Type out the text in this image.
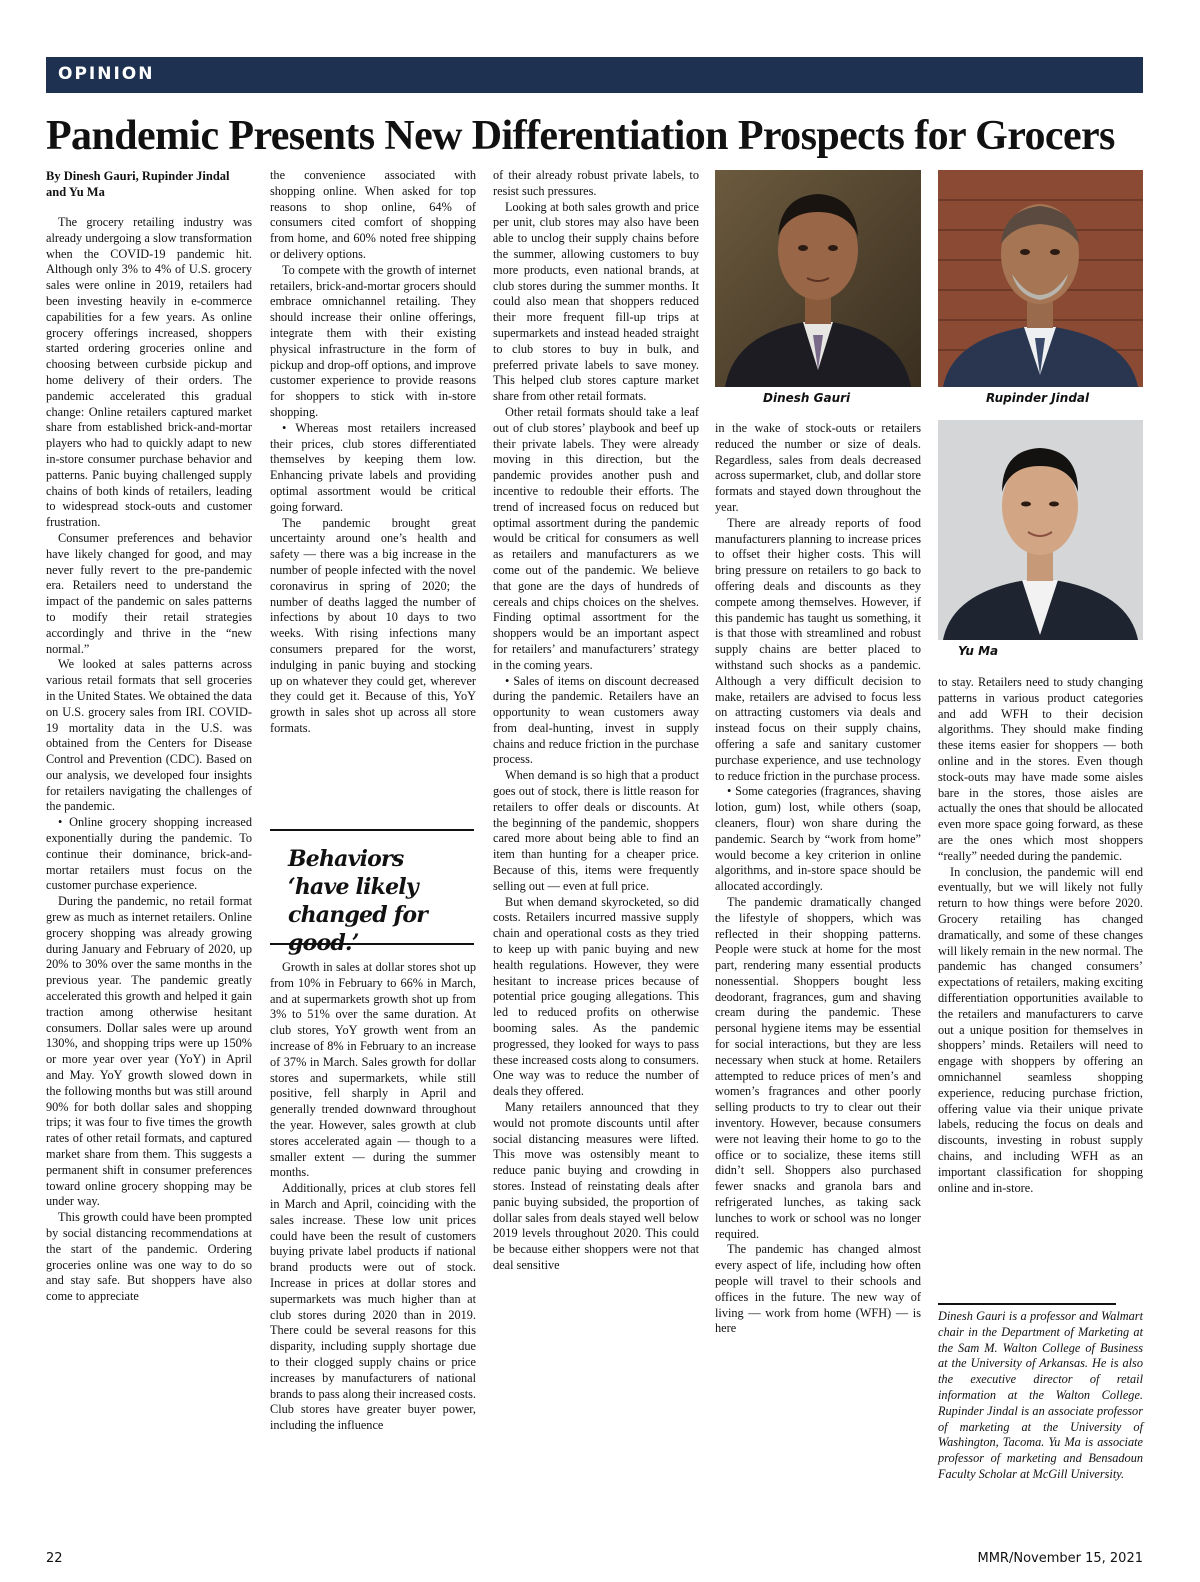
OPINION
Pandemic Presents New Differentiation Prospects for Grocers
By Dinesh Gauri, Rupinder Jindal and Yu Ma

The grocery retailing industry was already undergoing a slow transformation when the COVID-19 pandemic hit. Although only 3% to 4% of U.S. grocery sales were online in 2019, retailers had been investing heavily in e-commerce capabilities for a few years. As online grocery offerings increased, shoppers started ordering groceries online and choosing between curbside pickup and home delivery of their orders. The pandemic accelerated this gradual change: Online retailers captured market share from established brick-and-mortar players who had to quickly adapt to new in-store consumer purchase behavior and patterns. Panic buying challenged supply chains of both kinds of retailers, leading to widespread stock-outs and customer frustration.

Consumer preferences and behavior have likely changed for good, and may never fully revert to the pre-pandemic era. Retailers need to understand the impact of the pandemic on sales patterns to modify their retail strategies accordingly and thrive in the “new normal.”

We looked at sales patterns across various retail formats that sell groceries in the United States. We obtained the data on U.S. grocery sales from IRI. COVID-19 mortality data in the U.S. was obtained from the Centers for Disease Control and Prevention (CDC). Based on our analysis, we developed four insights for retailers navigating the challenges of the pandemic.

• Online grocery shopping increased exponentially during the pandemic. To continue their dominance, brick-and-mortar retailers must focus on the customer purchase experience.

During the pandemic, no retail format grew as much as internet retailers. Online grocery shopping was already growing during January and February of 2020, up 20% to 30% over the same months in the previous year. The pandemic greatly accelerated this growth and helped it gain traction among otherwise hesitant consumers. Dollar sales were up around 130%, and shopping trips were up 150% or more year over year (YoY) in April and May. YoY growth slowed down in the following months but was still around 90% for both dollar sales and shopping trips; it was four to five times the growth rates of other retail formats, and captured market share from them. This suggests a permanent shift in consumer preferences toward online grocery shopping may be under way.

This growth could have been prompted by social distancing recommendations at the start of the pandemic. Ordering groceries online was one way to do so and stay safe. But shoppers have also come to appreciate

the convenience associated with shopping online. When asked for top reasons to shop online, 64% of consumers cited comfort of shopping from home, and 60% noted free shipping or delivery options.

To compete with the growth of internet retailers, brick-and-mortar grocers should embrace omnichannel retailing. They should increase their online offerings, integrate them with their existing physical infrastructure in the form of pickup and drop-off options, and improve customer experience to provide reasons for shoppers to stick with in-store shopping.

• Whereas most retailers increased their prices, club stores differentiated themselves by keeping them low. Enhancing private labels and providing optimal assortment would be critical going forward.

The pandemic brought great uncertainty around one’s health and safety — there was a big increase in the number of people infected with the novel coronavirus in spring of 2020; the number of deaths lagged the number of infections by about 10 days to two weeks. With rising infections many consumers prepared for the worst, indulging in panic buying and stocking up on whatever they could get, wherever they could get it. Because of this, YoY growth in sales shot up across all store formats.

Behaviors ‘have likely changed for good.’

Growth in sales at dollar stores shot up from 10% in February to 66% in March, and at supermarkets growth shot up from 3% to 51% over the same duration. At club stores, YoY growth went from an increase of 8% in February to an increase of 37% in March. Sales growth for dollar stores and supermarkets, while still positive, fell sharply in April and generally trended downward throughout the year. However, sales growth at club stores accelerated again — though to a smaller extent — during the summer months.

Additionally, prices at club stores fell in March and April, coinciding with the sales increase. These low unit prices could have been the result of customers buying private label products if national brand products were out of stock. Increase in prices at dollar stores and supermarkets was much higher than at club stores during 2020 than in 2019. There could be several reasons for this disparity, including supply shortage due to their clogged supply chains or price increases by manufacturers of national brands to pass along their increased costs. Club stores have greater buyer power, including the influence

of their already robust private labels, to resist such pressures.

Looking at both sales growth and price per unit, club stores may also have been able to unclog their supply chains before the summer, allowing customers to buy more products, even national brands, at club stores during the summer months. It could also mean that shoppers reduced their more frequent fill-up trips at supermarkets and instead headed straight to club stores to buy in bulk, and preferred private labels to save money. This helped club stores capture market share from other retail formats.

Other retail formats should take a leaf out of club stores’ playbook and beef up their private labels. They were already moving in this direction, but the pandemic provides another push and incentive to redouble their efforts. The trend of increased focus on reduced but optimal assortment during the pandemic would be critical for consumers as well as retailers and manufacturers as we come out of the pandemic. We believe that gone are the days of hundreds of cereals and chips choices on the shelves. Finding optimal assortment for the shoppers would be an important aspect for retailers’ and manufacturers’ strategy in the coming years.

• Sales of items on discount decreased during the pandemic. Retailers have an opportunity to wean customers away from deal-hunting, invest in supply chains and reduce friction in the purchase process.

When demand is so high that a product goes out of stock, there is little reason for retailers to offer deals or discounts. At the beginning of the pandemic, shoppers cared more about being able to find an item than hunting for a cheaper price. Because of this, items were frequently selling out — even at full price.

But when demand skyrocketed, so did costs. Retailers incurred massive supply chain and operational costs as they tried to keep up with panic buying and new health regulations. However, they were hesitant to increase prices because of potential price gouging allegations. This led to reduced profits on otherwise booming sales. As the pandemic progressed, they looked for ways to pass these increased costs along to consumers. One way was to reduce the number of deals they offered.

Many retailers announced that they would not promote discounts until after social distancing measures were lifted. This move was ostensibly meant to reduce panic buying and crowding in stores. Instead of reinstating deals after panic buying subsided, the proportion of dollar sales from deals stayed well below 2019 levels throughout 2020. This could be because either shoppers were not that deal sensitive

Dinesh Gauri	Rupinder Jindal
Yu Ma

in the wake of stock-outs or retailers reduced the number or size of deals. Regardless, sales from deals decreased across supermarket, club, and dollar store formats and stayed down throughout the year.

There are already reports of food manufacturers planning to increase prices to offset their higher costs. This will bring pressure on retailers to go back to offering deals and discounts as they compete among themselves. However, if this pandemic has taught us something, it is that those with streamlined and robust supply chains are better placed to withstand such shocks as a pandemic. Although a very difficult decision to make, retailers are advised to focus less on attracting customers via deals and instead focus on their supply chains, offering a safe and sanitary customer purchase experience, and use technology to reduce friction in the purchase process.

• Some categories (fragrances, shaving lotion, gum) lost, while others (soap, cleaners, flour) won share during the pandemic. Search by “work from home” would become a key criterion in online algorithms, and in-store space should be allocated accordingly.

The pandemic dramatically changed the lifestyle of shoppers, which was reflected in their shopping patterns. People were stuck at home for the most part, rendering many essential products nonessential. Shoppers bought less deodorant, fragrances, gum and shaving cream during the pandemic. These personal hygiene items may be essential for social interactions, but they are less necessary when stuck at home. Retailers attempted to reduce prices of men’s and women’s fragrances and other poorly selling products to try to clear out their inventory. However, because consumers were not leaving their home to go to the office or to socialize, these items still didn’t sell. Shoppers also purchased fewer snacks and granola bars and refrigerated lunches, as taking sack lunches to work or school was no longer required.

The pandemic has changed almost every aspect of life, including how often people will travel to their schools and offices in the future. The new way of living — work from home (WFH) — is here

to stay. Retailers need to study changing patterns in various product categories and add WFH to their decision algorithms. They should make finding these items easier for shoppers — both online and in the stores. Even though stock-outs may have made some aisles bare in the stores, those aisles are actually the ones that should be allocated even more space going forward, as these are the ones which most shoppers “really” needed during the pandemic.

In conclusion, the pandemic will end eventually, but we will likely not fully return to how things were before 2020. Grocery retailing has changed dramatically, and some of these changes will likely remain in the new normal. The pandemic has changed consumers’ expectations of retailers, making exciting differentiation opportunities available to the retailers and manufacturers to carve out a unique position for themselves in shoppers’ minds. Retailers will need to engage with shoppers by offering an omnichannel seamless shopping experience, reducing purchase friction, offering value via their unique private labels, reducing the focus on deals and discounts, investing in robust supply chains, and including WFH as an important classification for shopping online and in-store.

Dinesh Gauri is a professor and Walmart chair in the Department of Marketing at the Sam M. Walton College of Business at the University of Arkansas. He is also the executive director of retail information at the Walton College. Rupinder Jindal is an associate professor of marketing at the University of Washington, Tacoma. Yu Ma is associate professor of marketing and Bensadoun Faculty Scholar at McGill University.
22	MMR/November 15, 2021
